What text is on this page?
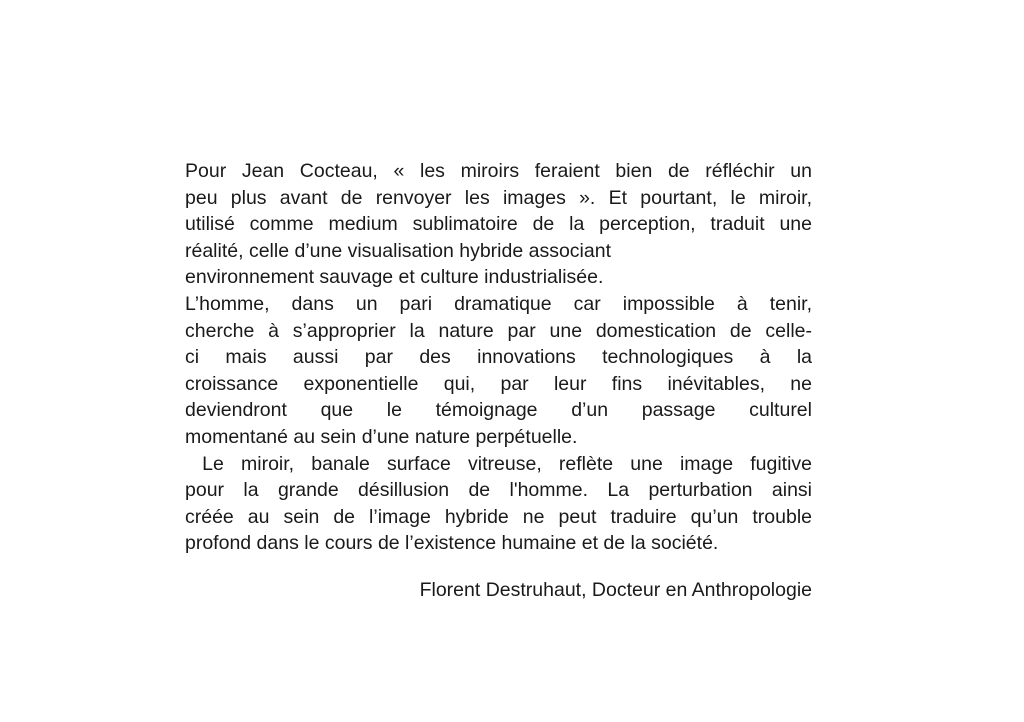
Pour Jean Cocteau, « les miroirs feraient bien de réfléchir un
peu plus avant de renvoyer les images ». Et pourtant, le miroir,
utilisé comme medium sublimatoire de la perception, traduit une
réalité, celle d’une visualisation hybride associant
environnement sauvage et culture industrialisée.
L’homme, dans un pari dramatique car impossible à tenir,
cherche à s’approprier la nature par une domestication de celle-
ci mais aussi par des innovations technologiques à la
croissance exponentielle qui, par leur fins inévitables, ne
deviendront que le témoignage d’un passage culturel
momentané au sein d’une nature perpétuelle.
Le miroir, banale surface vitreuse, reflète une image fugitive
pour la grande désillusion de l'homme. La perturbation ainsi
créée au sein de l’image hybride ne peut traduire qu’un trouble
profond dans le cours de l’existence humaine et de la société.
Florent Destruhaut, Docteur en Anthropologie
